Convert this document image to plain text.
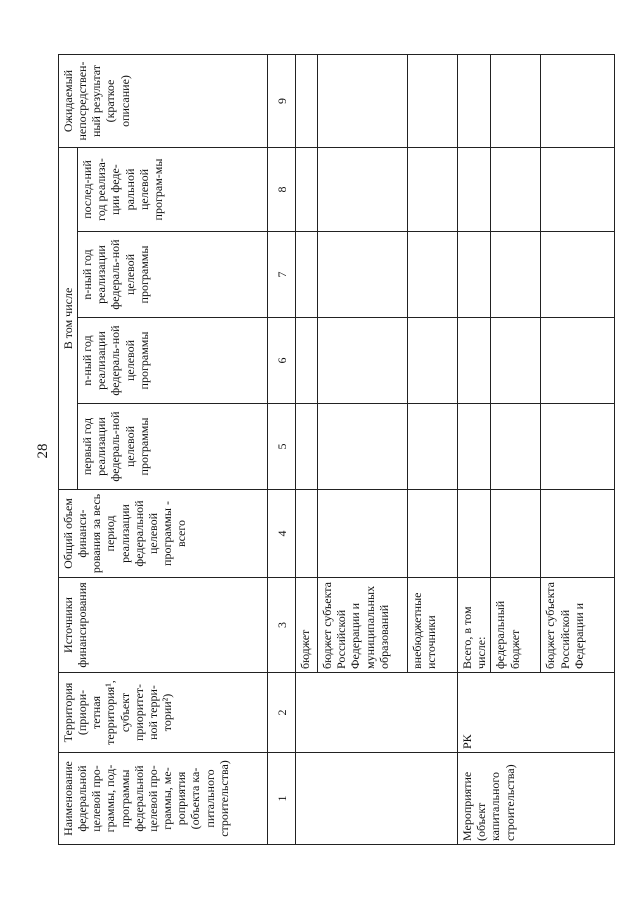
28
Наименование федеральной целевой про-граммы, под-программы федеральной целевой про-граммы, ме-роприятия (объекта ка-питального строительства)	Территория (приори-тетная территория¹, субъект приоритет-ной терри-тории²)	Источники финансирования	Общий объем финанси-рования за весь период реализации федеральной целевой программы - всего	В том числе				Ожидаемый непосредствен-ный результат (краткое описание)
				первый год реализации федераль-ной целевой программы	n-ный год реализации федераль-ной целевой программы	n-ный год реализации федераль-ной целевой программы	послед-ний год реализа-ции феде-ральной целевой програм-мы	
1	2	3	4	5	6	7	8	9
		бюджет						
		бюджет субъекта Российской Федерации и муниципальных образований						
		внебюджетные источники						
Мероприятие (объект капитального строительства)	РК	Всего, в том числе:						
		федеральный бюджет						
		бюджет субъекта Российской Федерации и						
